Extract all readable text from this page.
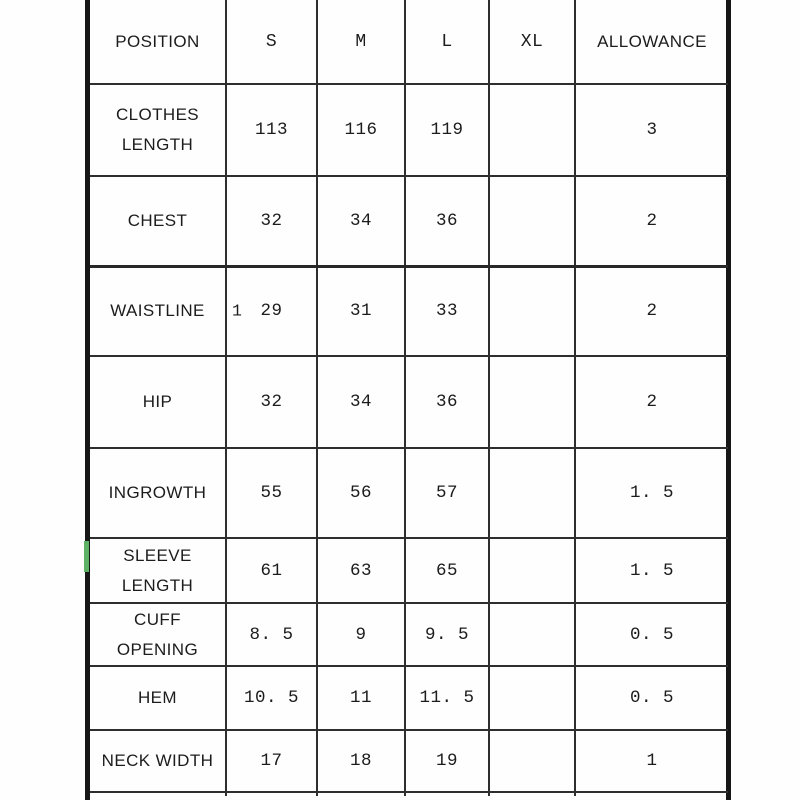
POSITION	S	M	L	XL	ALLOWANCE
CLOTHES LENGTH	113	116	119		3
CHEST	32	34	36		2
WAISTLINE	1 29	31	33		2
HIP	32	34	36		2
INGROWTH	55	56	57		1. 5
SLEEVE LENGTH	61	63	65		1. 5
CUFF OPENING	8. 5	9	9. 5		0. 5
HEM	10. 5	11	11. 5		0. 5
NECK WIDTH	17	18	19		1
